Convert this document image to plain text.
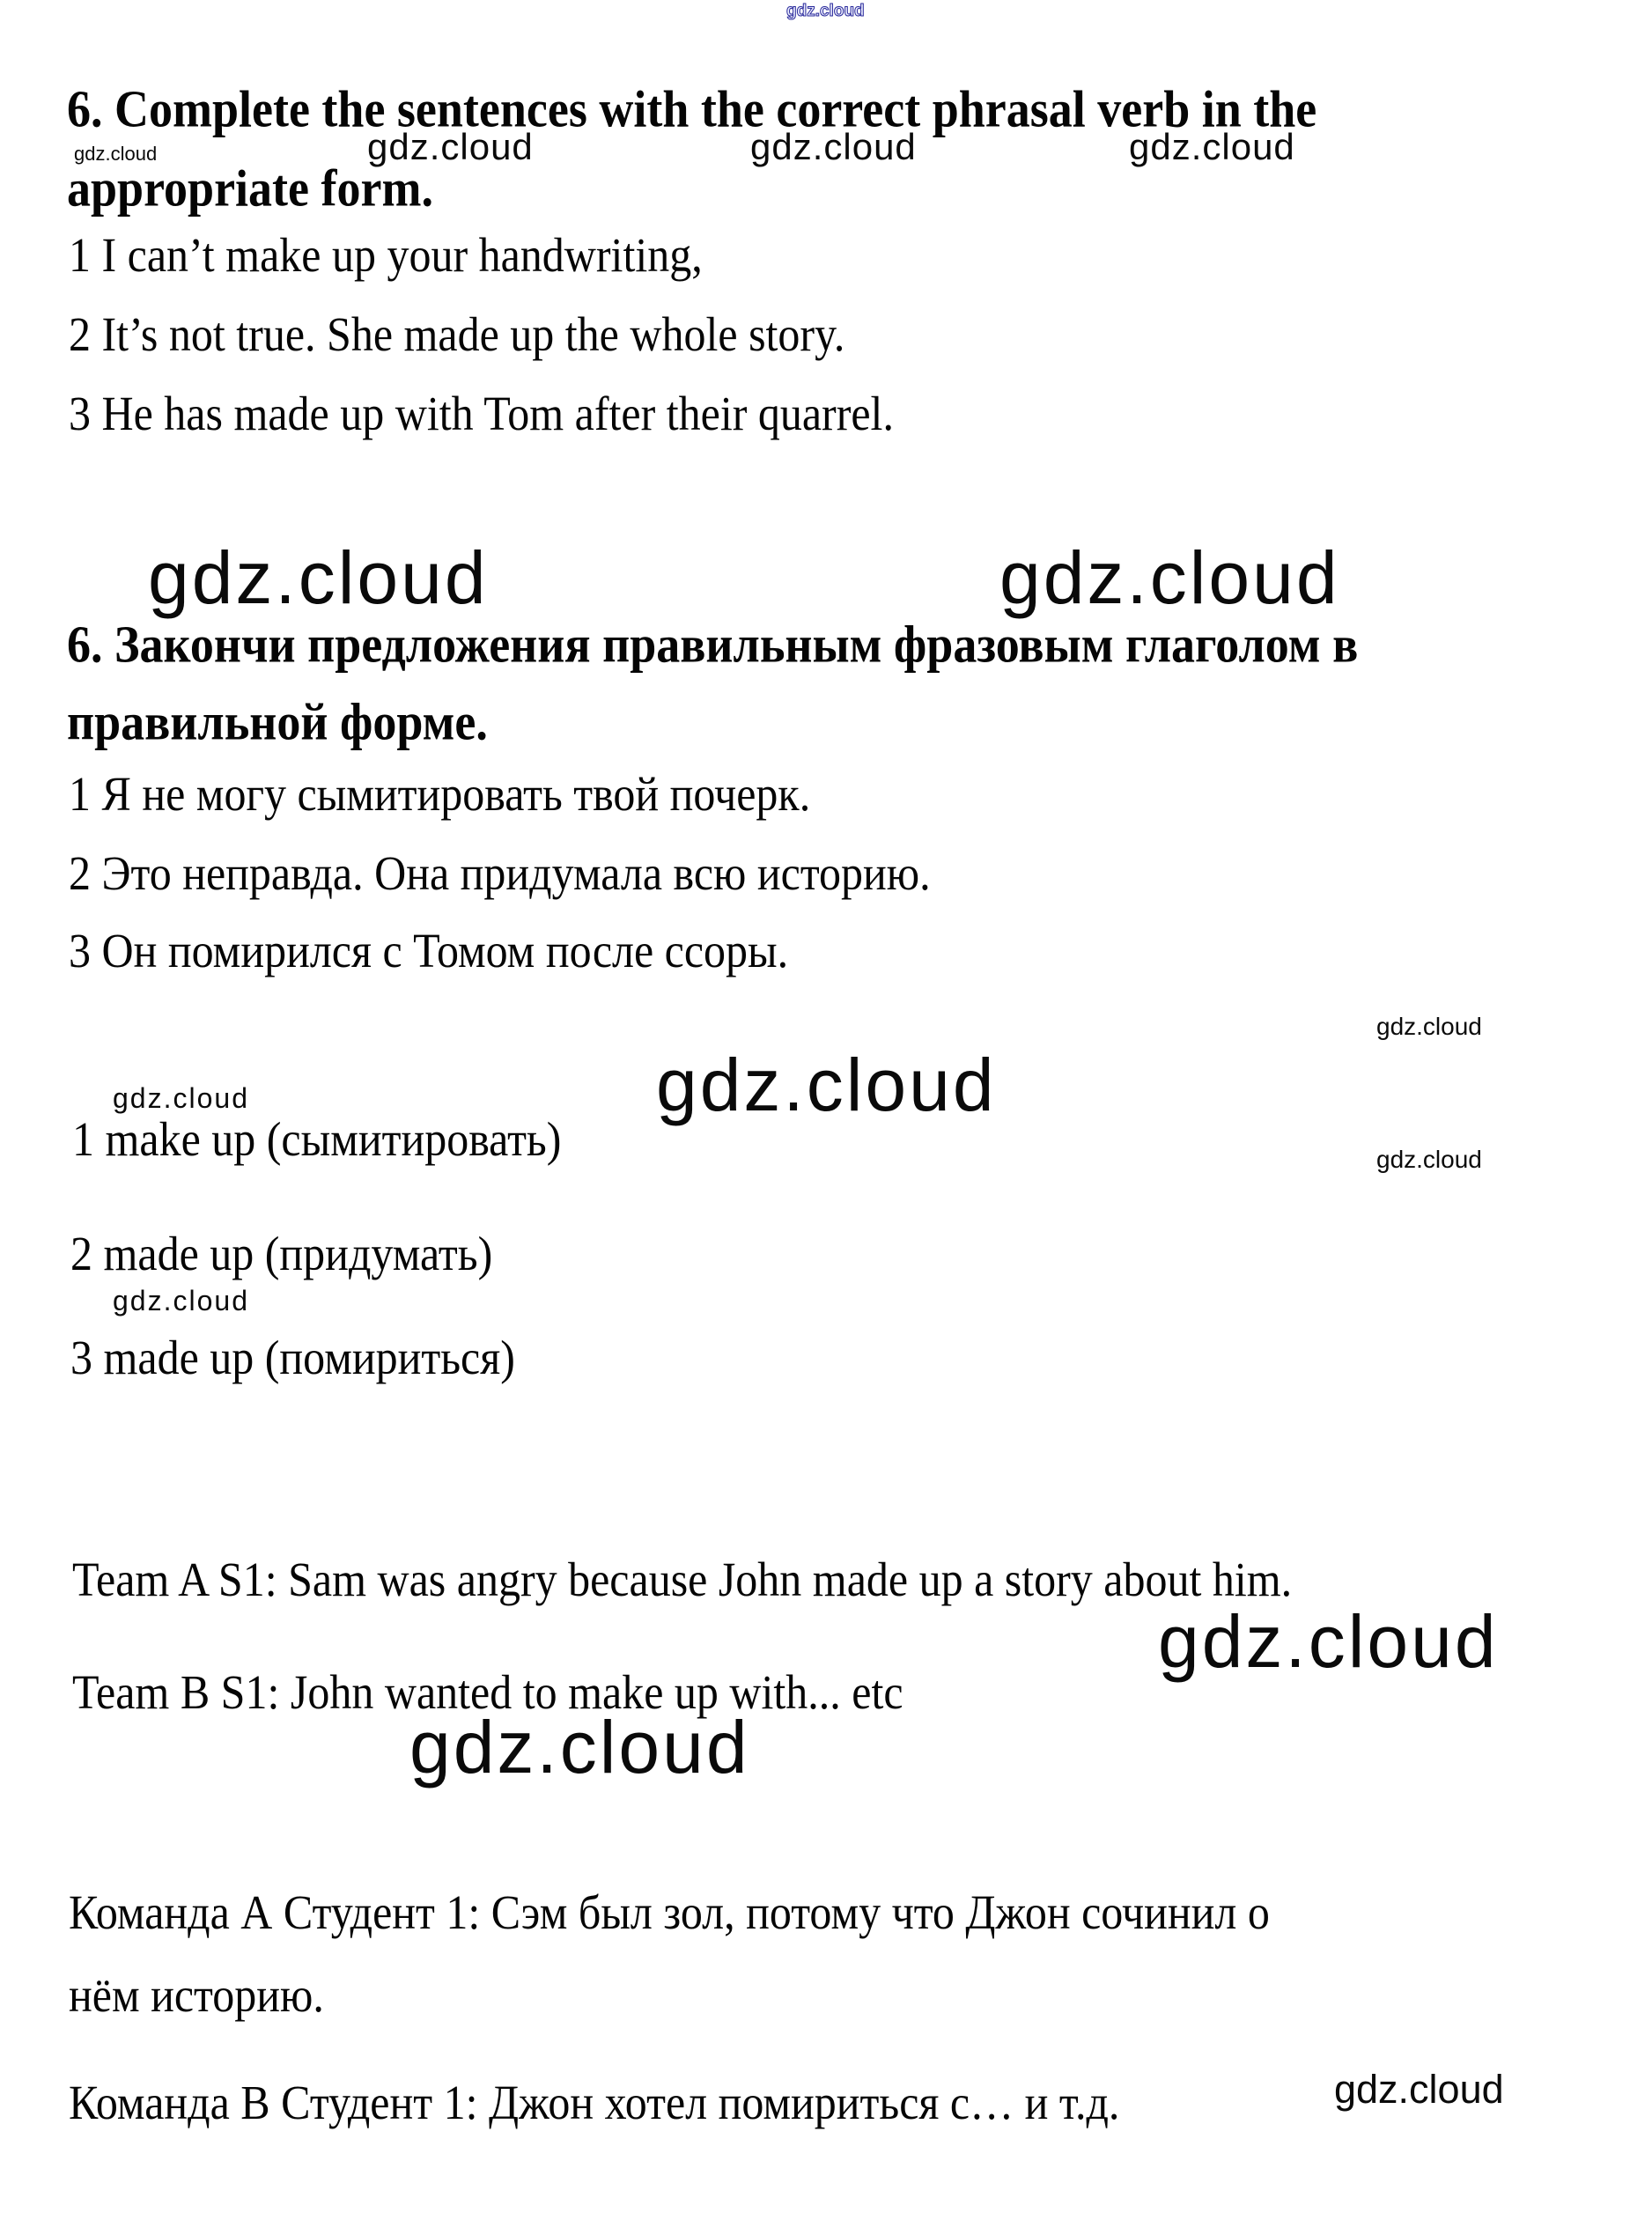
gdz.cloud
gdz.cloud	gdz.cloud	gdz.cloud
gdz.cloud
gdz.cloud	gdz.cloud
gdz.cloud
gdz.cloud
gdz.cloud
gdz.cloud
gdz.cloud
gdz.cloud
gdz.cloud
gdz.cloud
6. Complete the sentences with the correct phrasal verb in the
appropriate form.
1 I can’t make up your handwriting,
2 It’s not true. She made up the whole story.
3 He has made up with Tom after their quarrel.
6. Закончи предложения правильным фразовым глаголом в
правильной форме.
1 Я не могу сымитировать твой почерк.
2 Это неправда. Она придумала всю историю.
3 Он помирился с Томом после ссоры.
1 make up (сымитировать)
2 made up (придумать)
3 made up (помириться)
Team A S1: Sam was angry because John made up a story about him.
Team B S1: John wanted to make up with... etc
Команда А Студент 1: Сэм был зол, потому что Джон сочинил о
нём историю.
Команда В Студент 1: Джон хотел помириться с… и т.д.
